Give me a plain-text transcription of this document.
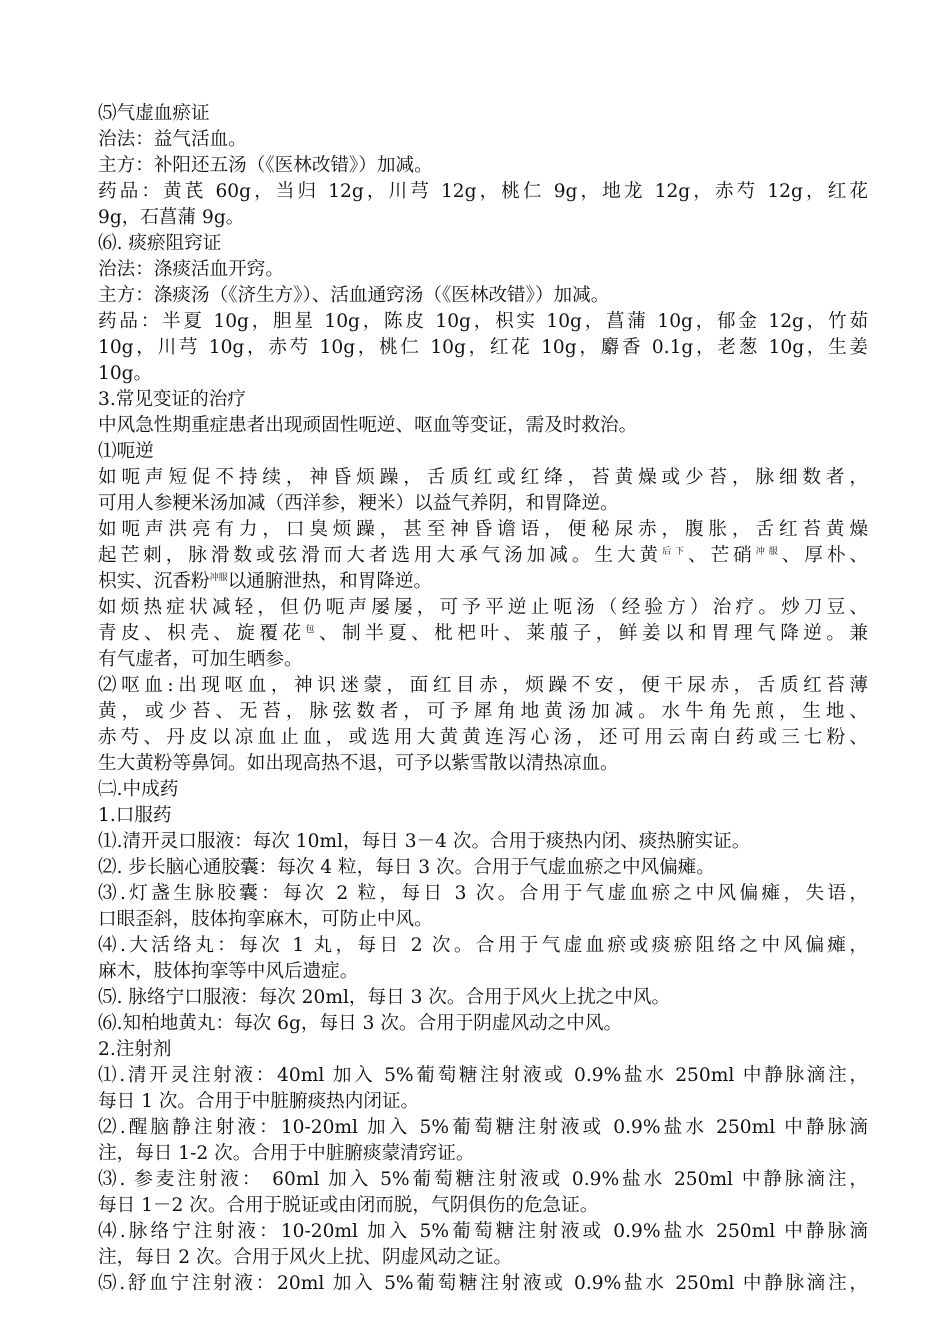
⑸气虚血瘀证
治法：益气活血。
主方：补阳还五汤（《医林改错》）加减。
药品：黄芪 60g，当归 12g，川芎 12g，桃仁 9g，地龙 12g，赤芍 12g，红花
9g，石菖蒲 9g。
⑹. 痰瘀阻窍证
治法：涤痰活血开窍。
主方：涤痰汤（《济生方》）、活血通窍汤（《医林改错》）加减。
药品：半夏 10g，胆星 10g，陈皮 10g，枳实 10g，菖蒲 10g，郁金 12g，竹茹
10g，川芎 10g，赤芍 10g，桃仁 10g，红花 10g，麝香 0.1g，老葱 10g，生姜
10g。
3.常见变证的治疗
中风急性期重症患者出现顽固性呃逆、呕血等变证，需及时救治。
⑴呃逆
如呃声短促不持续，神昏烦躁，舌质红或红绛，苔黄燥或少苔，脉细数者，
可用人参粳米汤加减（西洋参，粳米）以益气养阴，和胃降逆。
如呃声洪亮有力，口臭烦躁，甚至神昏谵语，便秘尿赤，腹胀，舌红苔黄燥
起芒刺，脉滑数或弦滑而大者选用大承气汤加减。生大黄$^{后下}$、芒硝$^{冲服}$、厚朴、
枳实、沉香粉$^{冲服}$以通腑泄热，和胃降逆。
如烦热症状减轻，但仍呃声屡屡，可予平逆止呃汤（经验方）治疗。炒刀豆、
青皮、枳壳、旋覆花$^包$、制半夏、枇杷叶、莱菔子，鲜姜以和胃理气降逆。兼
有气虚者，可加生晒参。
⑵呕血:出现呕血，神识迷蒙，面红目赤，烦躁不安，便干尿赤，舌质红苔薄
黄，或少苔、无苔，脉弦数者，可予犀角地黄汤加减。水牛角先煎，生地、
赤芍、丹皮以凉血止血，或选用大黄黄连泻心汤，还可用云南白药或三七粉、
生大黄粉等鼻饲。如出现高热不退，可予以紫雪散以清热凉血。
㈡.中成药
1.口服药
⑴.清开灵口服液：每次 10ml，每日 3－4 次。合用于痰热内闭、痰热腑实证。
⑵. 步长脑心通胶囊：每次 4 粒，每日 3 次。合用于气虚血瘀之中风偏瘫。
⑶.灯盏生脉胶囊：每次 2 粒，每日 3 次。合用于气虚血瘀之中风偏瘫，失语，
口眼歪斜，肢体拘挛麻木，可防止中风。
⑷.大活络丸：每次 1 丸，每日 2 次。合用于气虚血瘀或痰瘀阻络之中风偏瘫，
麻木，肢体拘挛等中风后遗症。
⑸. 脉络宁口服液：每次 20ml，每日 3 次。合用于风火上扰之中风。
⑹.知柏地黄丸：每次 6g，每日 3 次。合用于阴虚风动之中风。
2.注射剂
⑴.清开灵注射液：40ml 加入 5%葡萄糖注射液或 0.9%盐水 250ml 中静脉滴注，
每日 1 次。合用于中脏腑痰热内闭证。
⑵.醒脑静注射液：10-20ml 加入 5%葡萄糖注射液或 0.9%盐水 250ml 中静脉滴
注，每日 1-2 次。合用于中脏腑痰蒙清窍证。
⑶. 参麦注射液： 60ml 加入 5%葡萄糖注射液或 0.9%盐水 250ml 中静脉滴注，
每日 1－2 次。合用于脱证或由闭而脱，气阴俱伤的危急证。
⑷.脉络宁注射液：10-20ml 加入 5%葡萄糖注射液或 0.9%盐水 250ml 中静脉滴
注，每日 2 次。合用于风火上扰、阴虚风动之证。
⑸.舒血宁注射液：20ml 加入 5%葡萄糖注射液或 0.9%盐水 250ml 中静脉滴注，
